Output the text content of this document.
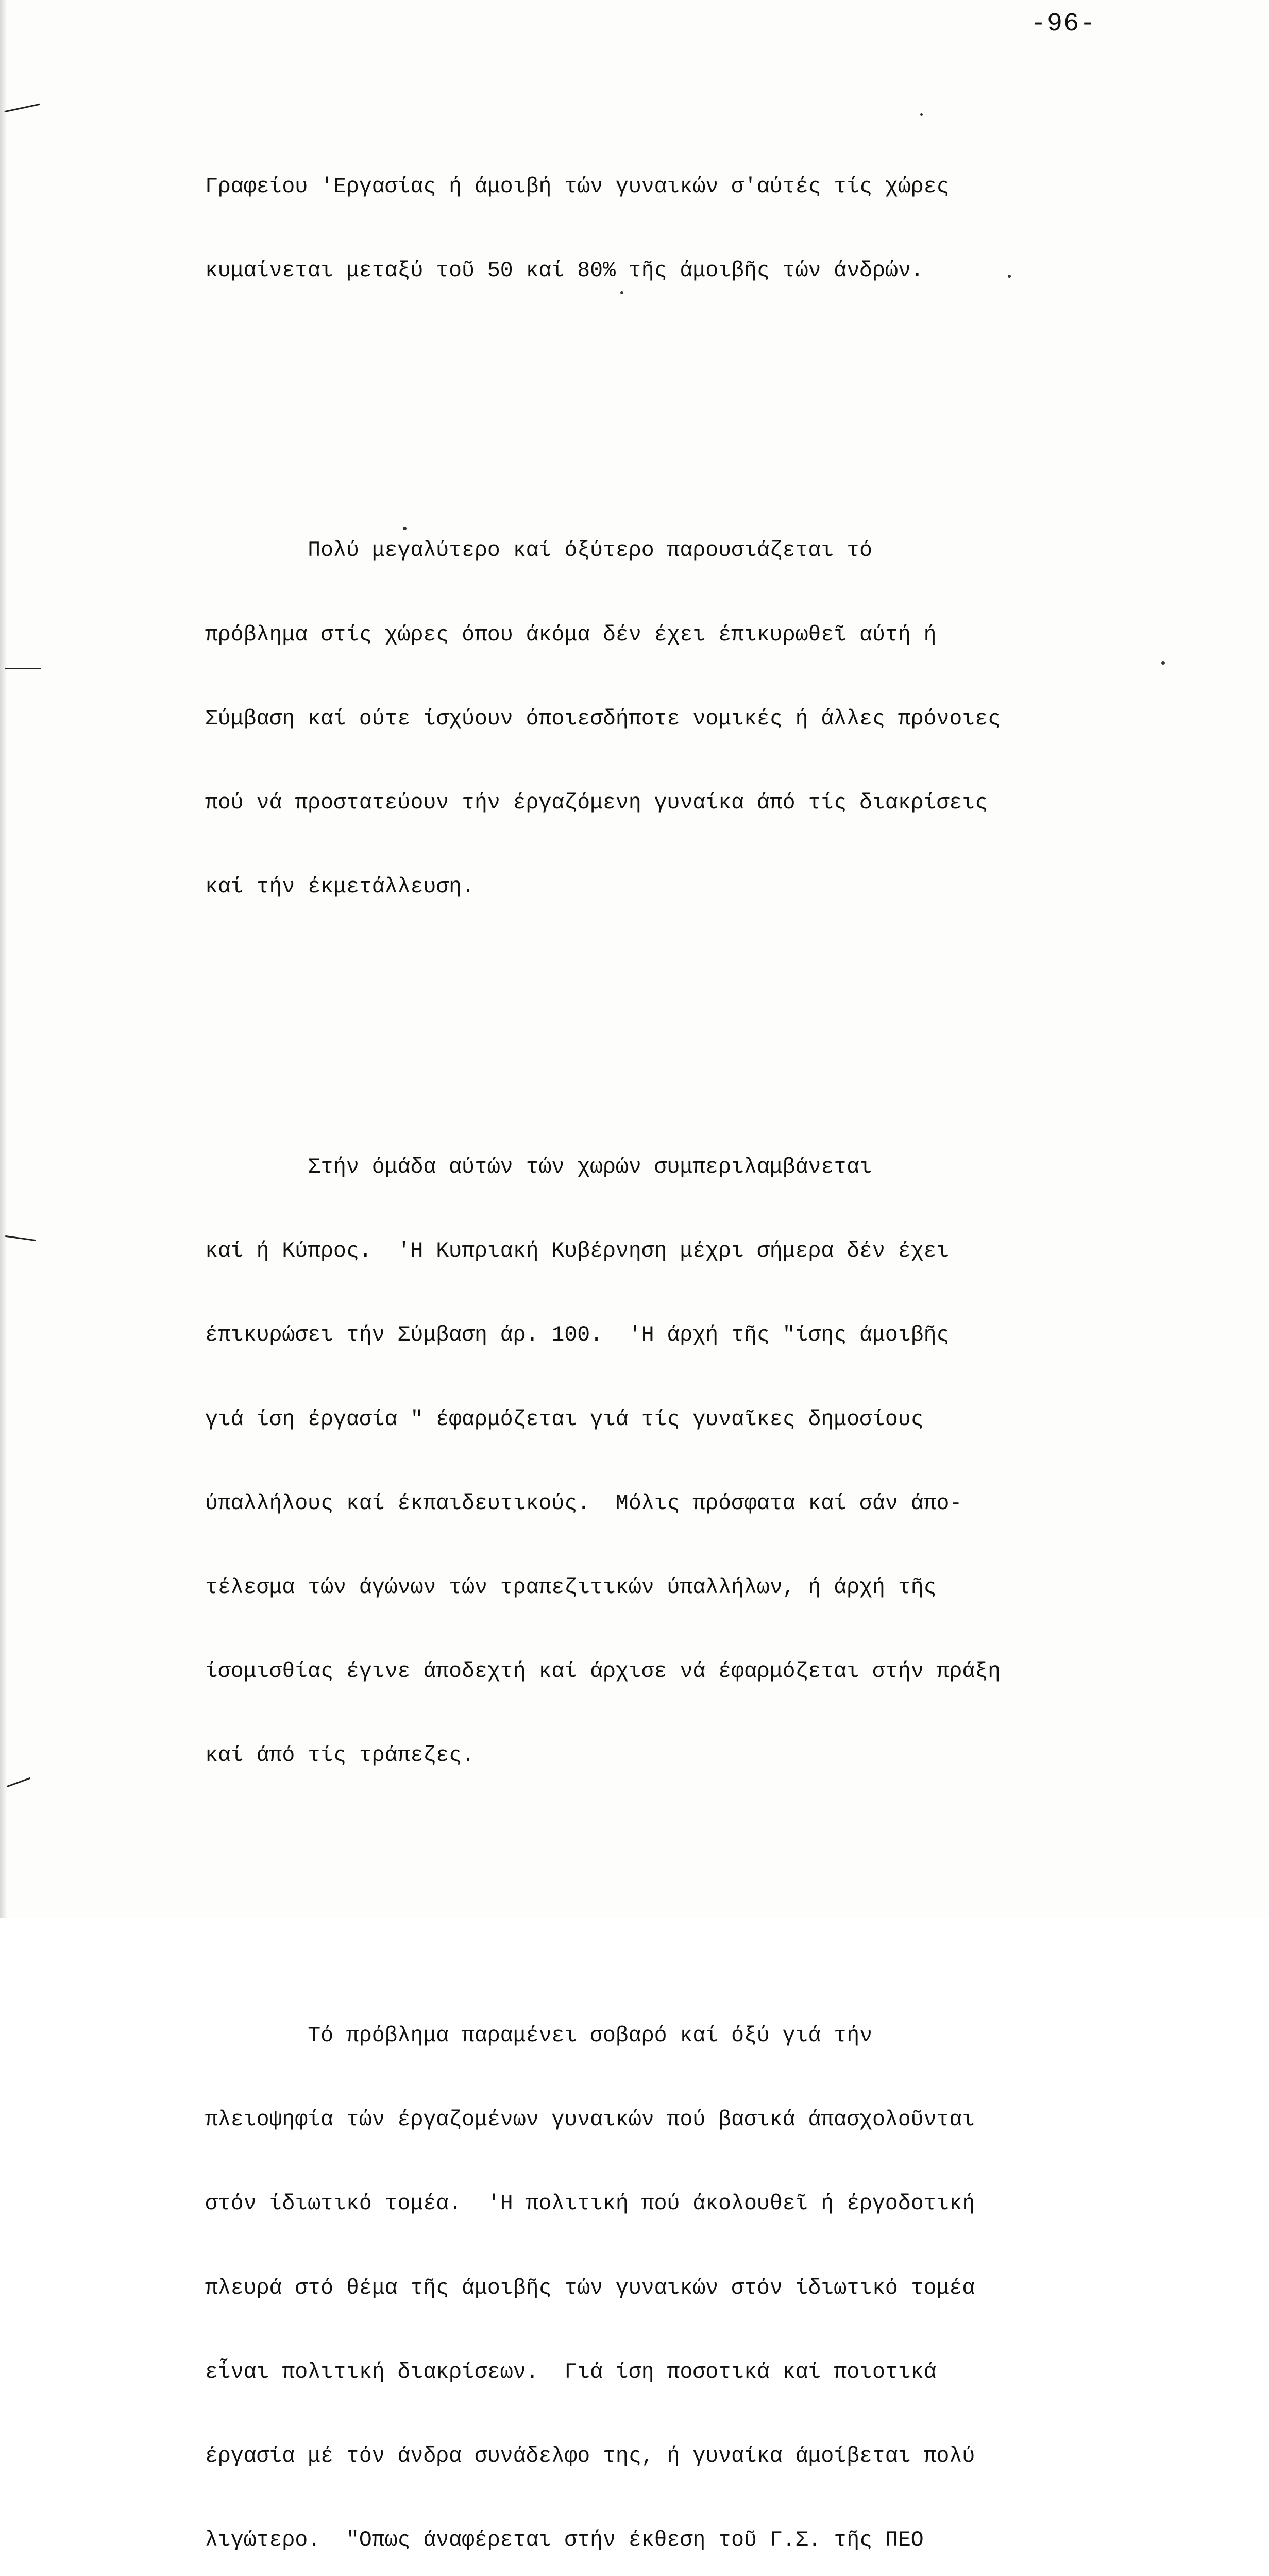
-96-

Γραφείου 'Εργασίας ή άμοιβή τών γυναικών σ'αύτές τίς χώρες

κυμαίνεται μεταξύ τοῦ 50 καί 80% τῆς άμοιβῆς τών άνδρών.

Πολύ μεγαλύτερο καί όξύτερο παρουσιάζεται τό

πρόβλημα στίς χώρες όπου άκόμα δέν έχει έπικυρωθεῖ αύτή ή

Σύμβαση καί ούτε ίσχύουν όποιεσδήποτε νομικές ή άλλες πρόνοιες

πού νά προστατεύουν τήν έργαζόμενη γυναίκα άπό τίς διακρίσεις

καί τήν έκμετάλλευση.

Στήν όμάδα αύτών τών χωρών συμπεριλαμβάνεται

καί ή Κύπρος.  'Η Κυπριακή Κυβέρνηση μέχρι σήμερα δέν έχει

έπικυρώσει τήν Σύμβαση άρ. 100.  'Η άρχή τῆς "ίσης άμοιβῆς

γιά ίση έργασία " έφαρμόζεται γιά τίς γυναῖκες δημοσίους

ύπαλλήλους καί έκπαιδευτικούς.  Μόλις πρόσφατα καί σάν άπο-

τέλεσμα τών άγώνων τών τραπεζιτικών ύπαλλήλων, ή άρχή τῆς

ίσομισθίας έγινε άποδεχτή καί άρχισε νά έφαρμόζεται στήν πράξη

καί άπό τίς τράπεζες.

Τό πρόβλημα παραμένει σοβαρό καί όξύ γιά τήν

πλειοψηφία τών έργαζομένων γυναικών πού βασικά άπασχολοῦνται

στόν ίδιωτικό τομέα.  'Η πολιτική πού άκολουθεῖ ή έργοδοτική

πλευρά στό θέμα τῆς άμοιβῆς τών γυναικών στόν ίδιωτικό τομέα

εἶναι πολιτική διακρίσεων.  Γιά ίση ποσοτικά καί ποιοτικά

έργασία μέ τόν άνδρα συνάδελφο της, ή γυναίκα άμοίβεται πολύ

λιγώτερο.  "Οπως άναφέρεται στήν έκθεση τοῦ Γ.Σ. τῆς ΠΕΟ
